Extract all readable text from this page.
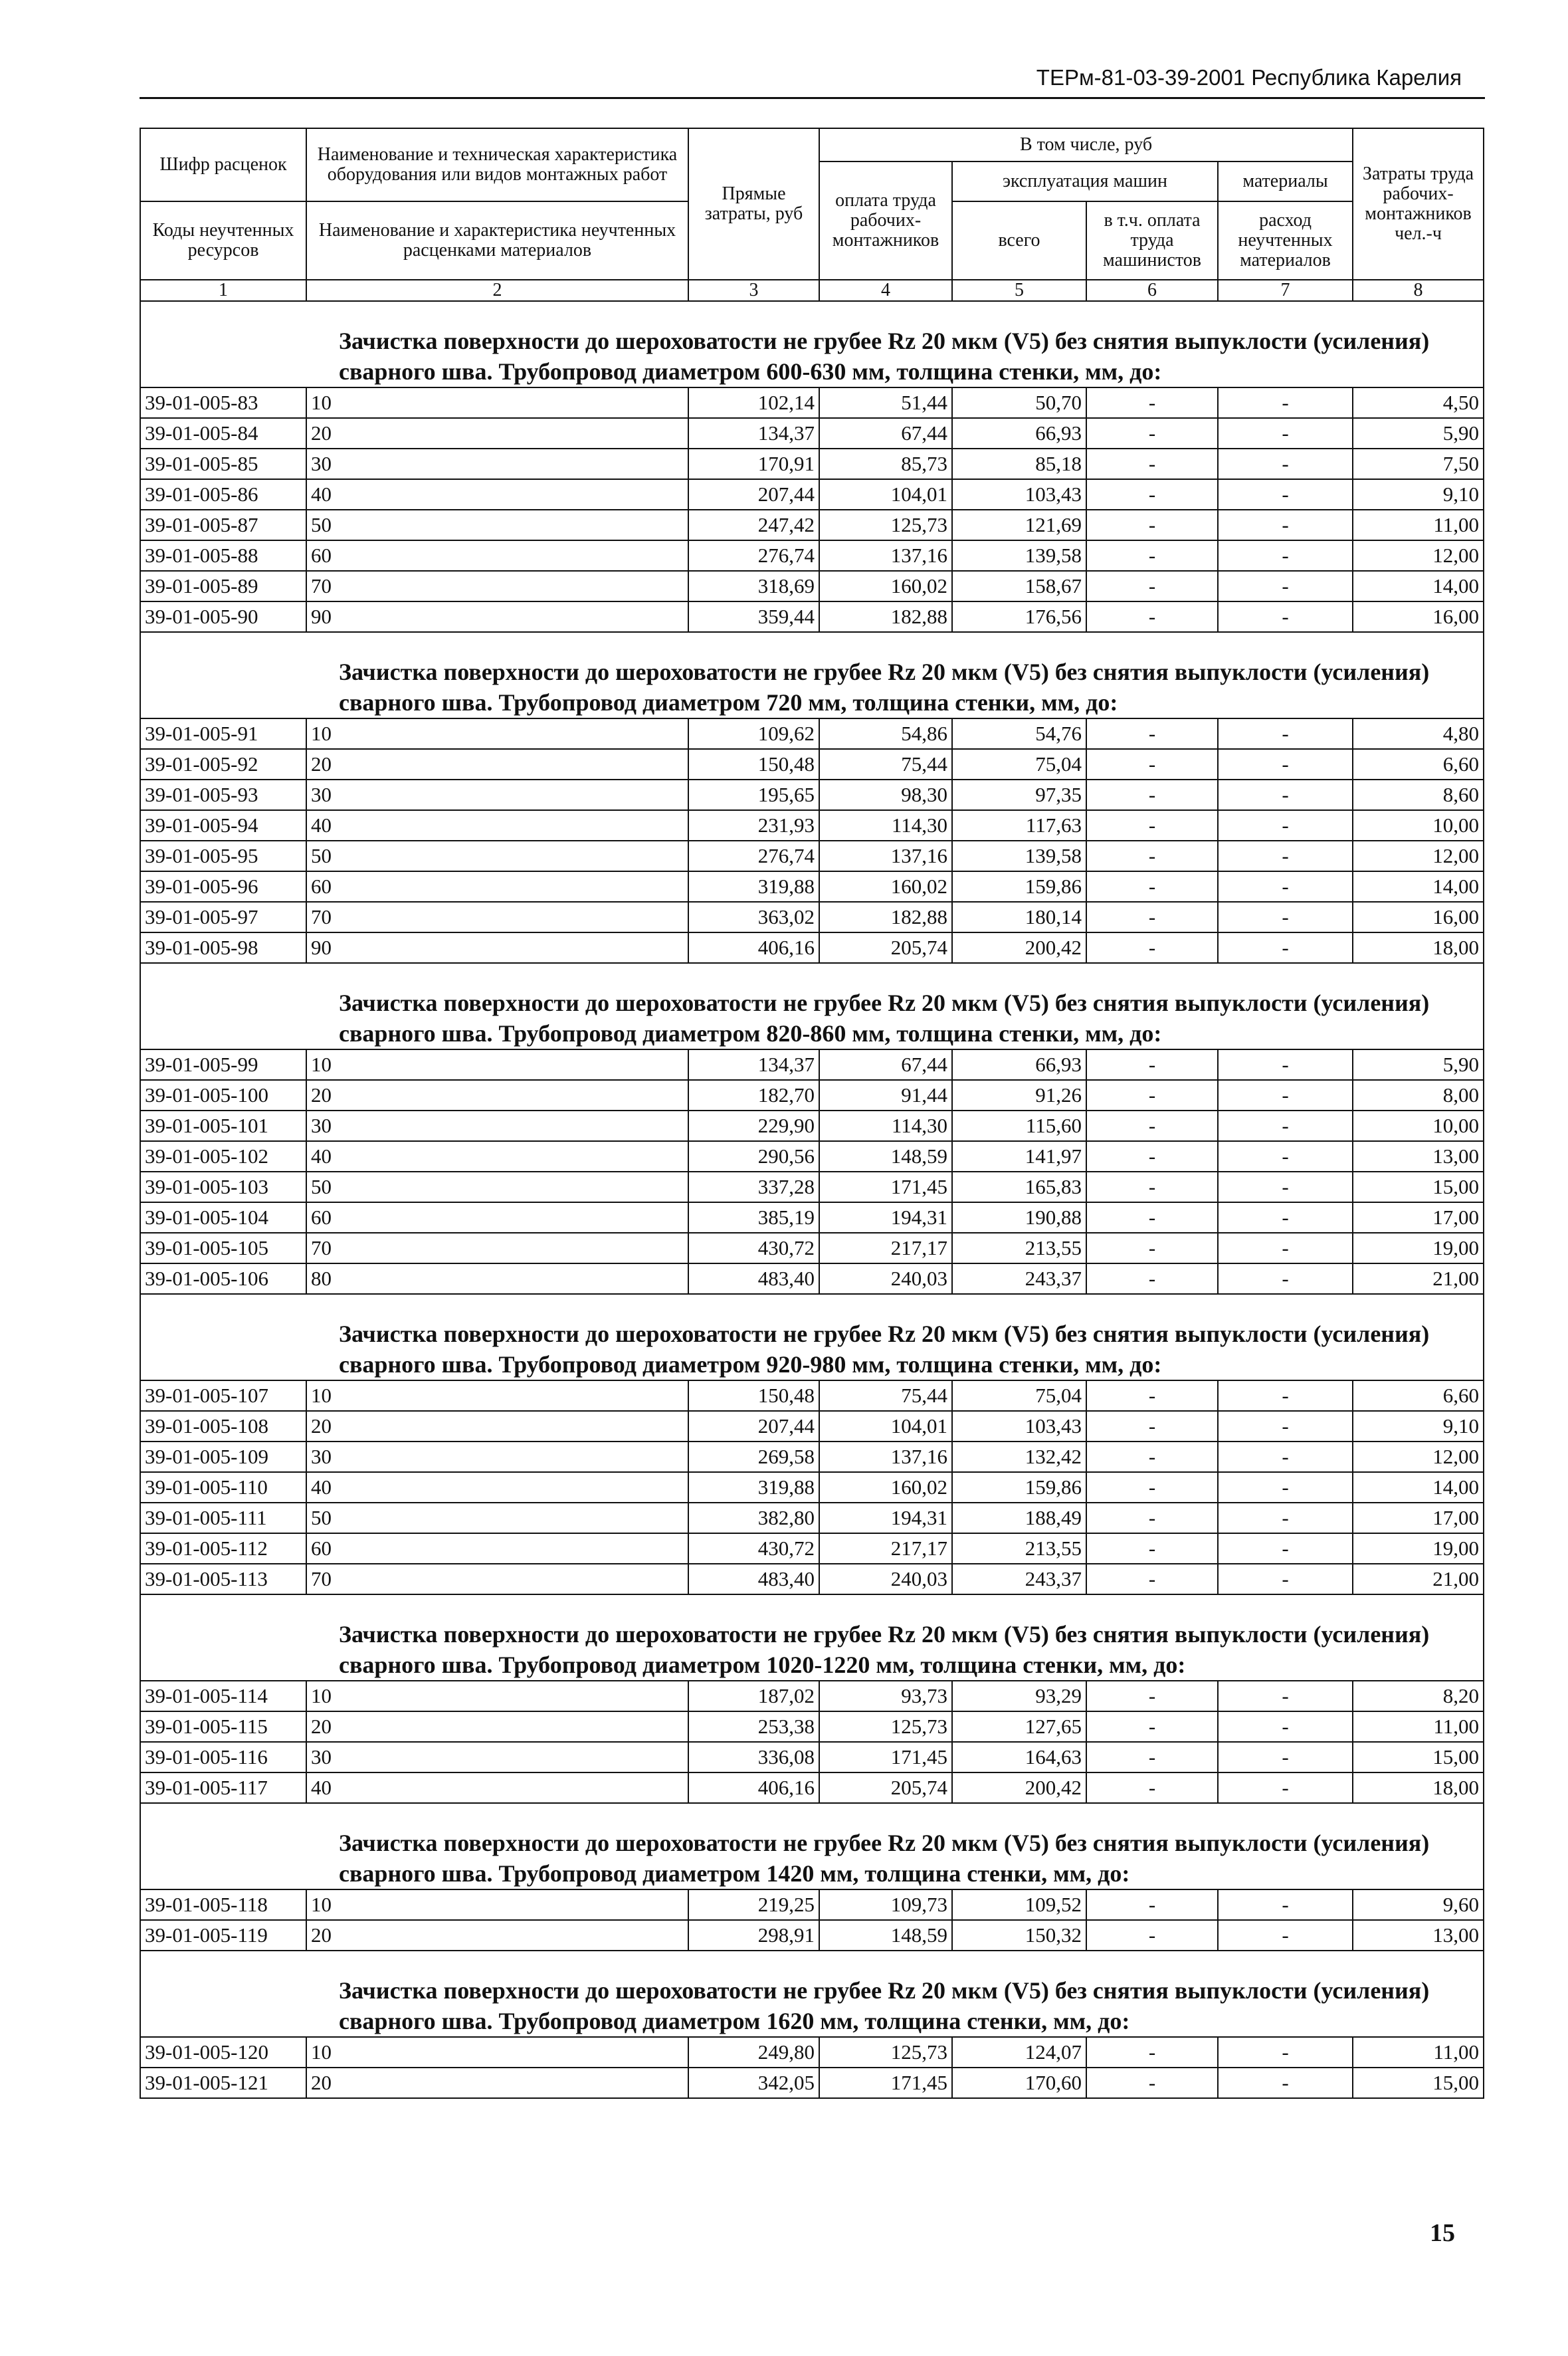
ТЕРм-81-03-39-2001 Республика Карелия
Шифр расценок	Наименование и техническая характеристика оборудования или видов монтажных работ	Прямые затраты, руб	В том числе, руб				Затраты труда рабочих-монтажников чел.-ч
			оплата труда рабочих-монтажников	эксплуатация машин		материалы	
Коды неучтенных ресурсов	Наименование и характеристика неучтенных расценками материалов			всего	в т.ч. оплата труда машинистов	расход неучтенных материалов	
1	2	3	4	5	6	7	8
Зачистка поверхности до шероховатости не грубее Rz 20 мкм (V5) без снятия выпуклости (усиления) сварного шва. Трубопровод диаметром 600-630 мм, толщина стенки, мм, до:							
39-01-005-83	10	102,14	51,44	50,70	-	-	4,50
39-01-005-84	20	134,37	67,44	66,93	-	-	5,90
39-01-005-85	30	170,91	85,73	85,18	-	-	7,50
39-01-005-86	40	207,44	104,01	103,43	-	-	9,10
39-01-005-87	50	247,42	125,73	121,69	-	-	11,00
39-01-005-88	60	276,74	137,16	139,58	-	-	12,00
39-01-005-89	70	318,69	160,02	158,67	-	-	14,00
39-01-005-90	90	359,44	182,88	176,56	-	-	16,00
Зачистка поверхности до шероховатости не грубее Rz 20 мкм (V5) без снятия выпуклости (усиления) сварного шва. Трубопровод диаметром 720 мм, толщина стенки, мм, до:							
39-01-005-91	10	109,62	54,86	54,76	-	-	4,80
39-01-005-92	20	150,48	75,44	75,04	-	-	6,60
39-01-005-93	30	195,65	98,30	97,35	-	-	8,60
39-01-005-94	40	231,93	114,30	117,63	-	-	10,00
39-01-005-95	50	276,74	137,16	139,58	-	-	12,00
39-01-005-96	60	319,88	160,02	159,86	-	-	14,00
39-01-005-97	70	363,02	182,88	180,14	-	-	16,00
39-01-005-98	90	406,16	205,74	200,42	-	-	18,00
Зачистка поверхности до шероховатости не грубее Rz 20 мкм (V5) без снятия выпуклости (усиления) сварного шва. Трубопровод диаметром 820-860 мм, толщина стенки, мм, до:							
39-01-005-99	10	134,37	67,44	66,93	-	-	5,90
39-01-005-100	20	182,70	91,44	91,26	-	-	8,00
39-01-005-101	30	229,90	114,30	115,60	-	-	10,00
39-01-005-102	40	290,56	148,59	141,97	-	-	13,00
39-01-005-103	50	337,28	171,45	165,83	-	-	15,00
39-01-005-104	60	385,19	194,31	190,88	-	-	17,00
39-01-005-105	70	430,72	217,17	213,55	-	-	19,00
39-01-005-106	80	483,40	240,03	243,37	-	-	21,00
Зачистка поверхности до шероховатости не грубее Rz 20 мкм (V5) без снятия выпуклости (усиления) сварного шва. Трубопровод диаметром 920-980 мм, толщина стенки, мм, до:							
39-01-005-107	10	150,48	75,44	75,04	-	-	6,60
39-01-005-108	20	207,44	104,01	103,43	-	-	9,10
39-01-005-109	30	269,58	137,16	132,42	-	-	12,00
39-01-005-110	40	319,88	160,02	159,86	-	-	14,00
39-01-005-111	50	382,80	194,31	188,49	-	-	17,00
39-01-005-112	60	430,72	217,17	213,55	-	-	19,00
39-01-005-113	70	483,40	240,03	243,37	-	-	21,00
Зачистка поверхности до шероховатости не грубее Rz 20 мкм (V5) без снятия выпуклости (усиления) сварного шва. Трубопровод диаметром 1020-1220 мм, толщина стенки, мм, до:							
39-01-005-114	10	187,02	93,73	93,29	-	-	8,20
39-01-005-115	20	253,38	125,73	127,65	-	-	11,00
39-01-005-116	30	336,08	171,45	164,63	-	-	15,00
39-01-005-117	40	406,16	205,74	200,42	-	-	18,00
Зачистка поверхности до шероховатости не грубее Rz 20 мкм (V5) без снятия выпуклости (усиления) сварного шва. Трубопровод диаметром 1420 мм, толщина стенки, мм, до:							
39-01-005-118	10	219,25	109,73	109,52	-	-	9,60
39-01-005-119	20	298,91	148,59	150,32	-	-	13,00
Зачистка поверхности до шероховатости не грубее Rz 20 мкм (V5) без снятия выпуклости (усиления) сварного шва. Трубопровод диаметром 1620 мм, толщина стенки, мм, до:							
39-01-005-120	10	249,80	125,73	124,07	-	-	11,00
39-01-005-121	20	342,05	171,45	170,60	-	-	15,00
15
